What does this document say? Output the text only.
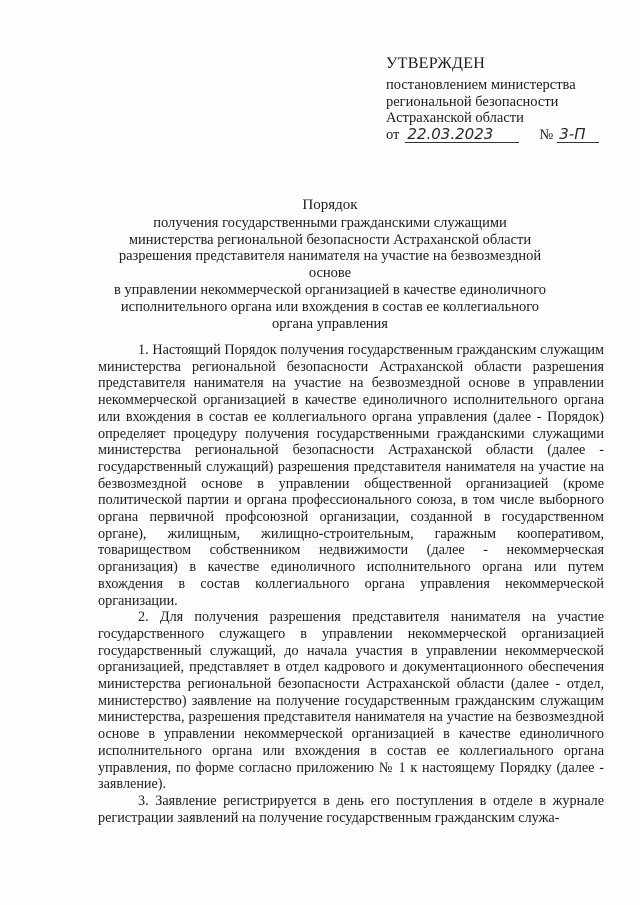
УТВЕРЖДЕН
постановлением министерства
региональной безопасности
Астраханской области
от 22.03.2023	№ 3-П
Порядок
получения государственными гражданскими служащими
министерства региональной безопасности Астраханской области
разрешения представителя нанимателя на участие на безвозмездной основе
в управлении некоммерческой организацией в качестве единоличного
исполнительного органа или вхождения в состав ее коллегиального
органа управления

1. Настоящий Порядок получения государственным гражданским служащим министерства региональной безопасности Астраханской области разрешения представителя нанимателя на участие на безвозмездной основе в управлении некоммерческой организацией в качестве единоличного исполнительного органа или вхождения в состав ее коллегиального органа управления (далее - Порядок) определяет процедуру получения государственными гражданскими служащими министерства региональной безопасности Астраханской области (далее - государственный служащий) разрешения представителя нанимателя на участие на безвозмездной основе в управлении общественной организацией (кроме политической партии и органа профессионального союза, в том числе выборного органа первичной профсоюзной организации, созданной в государственном органе), жилищным, жилищно-строительным, гаражным кооперативом, товариществом собственником недвижимости (далее - некоммерческая организация) в качестве единоличного исполнительного органа или путем вхождения в состав коллегиального органа управления некоммерческой организации.

2. Для получения разрешения представителя нанимателя на участие государственного служащего в управлении некоммерческой организацией государственный служащий, до начала участия в управлении некоммерческой организацией, представляет в отдел кадрового и документационного обеспечения министерства региональной безопасности Астраханской области (далее - отдел, министерство) заявление на получение государственным гражданским служащим министерства, разрешения представителя нанимателя на участие на безвозмездной основе в управлении некоммерческой организацией в качестве единоличного исполнительного органа или вхождения в состав ее коллегиального органа управления, по форме согласно приложению № 1 к настоящему Порядку (далее - заявление).

3. Заявление регистрируется в день его поступления в отделе в журнале регистрации заявлений на получение государственным гражданским служа-
